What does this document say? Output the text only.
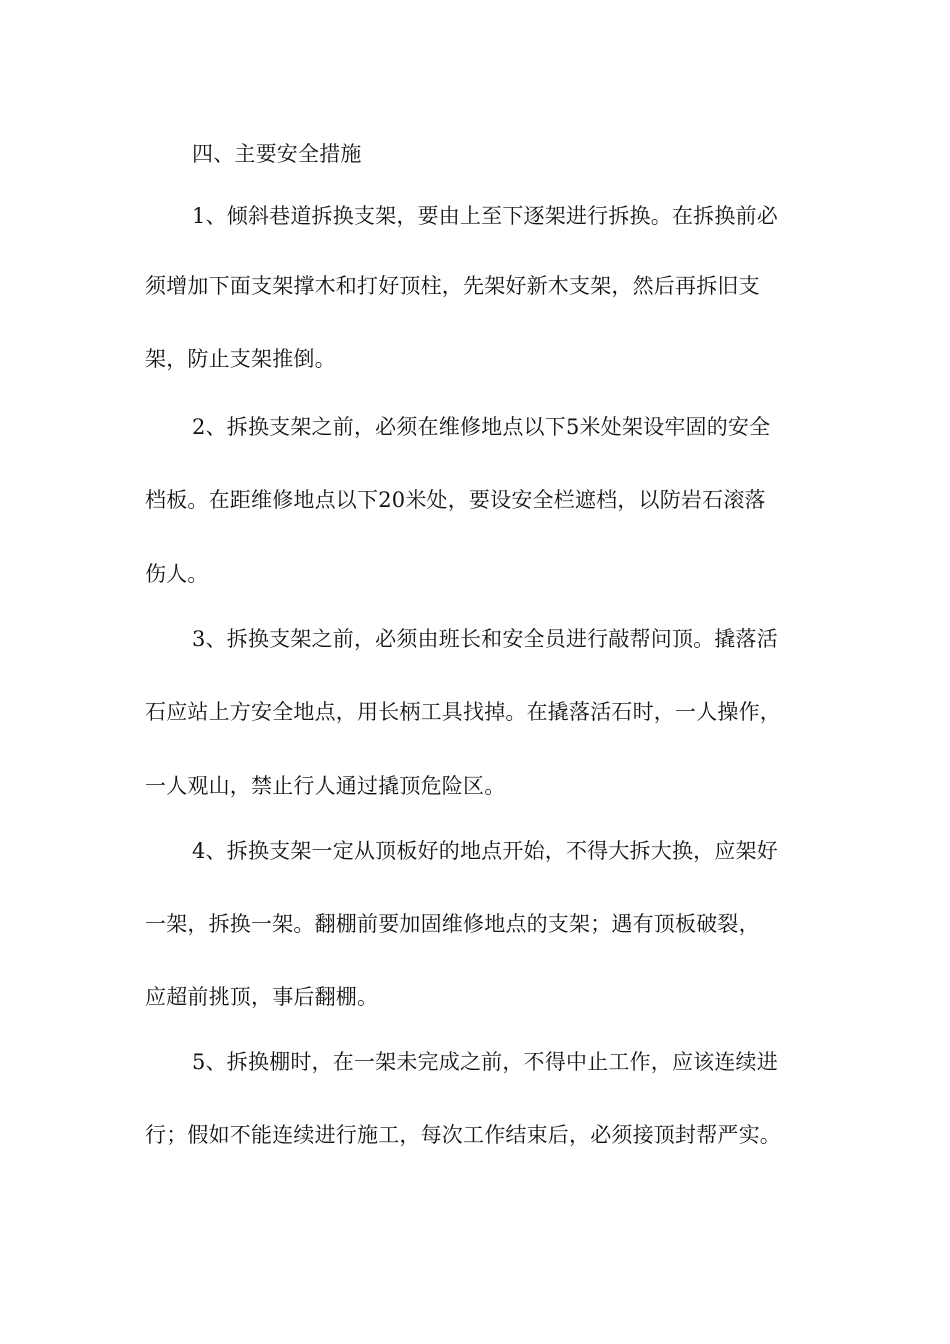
四、主要安全措施
1、倾斜巷道拆换支架，要由上至下逐架进行拆换。在拆换前必
须增加下面支架撑木和打好顶柱，先架好新木支架，然后再拆旧支
架，防止支架推倒。
2、拆换支架之前，必须在维修地点以下5米处架设牢固的安全
档板。在距维修地点以下20米处，要设安全栏遮档，以防岩石滚落
伤人。
3、拆换支架之前，必须由班长和安全员进行敲帮问顶。撬落活
石应站上方安全地点，用长柄工具找掉。在撬落活石时，一人操作，
一人观山，禁止行人通过撬顶危险区。
4、拆换支架一定从顶板好的地点开始，不得大拆大换，应架好
一架，拆换一架。翻棚前要加固维修地点的支架；遇有顶板破裂，
应超前挑顶，事后翻棚。
5、拆换棚时，在一架未完成之前，不得中止工作，应该连续进
行；假如不能连续进行施工，每次工作结束后，必须接顶封帮严实。
